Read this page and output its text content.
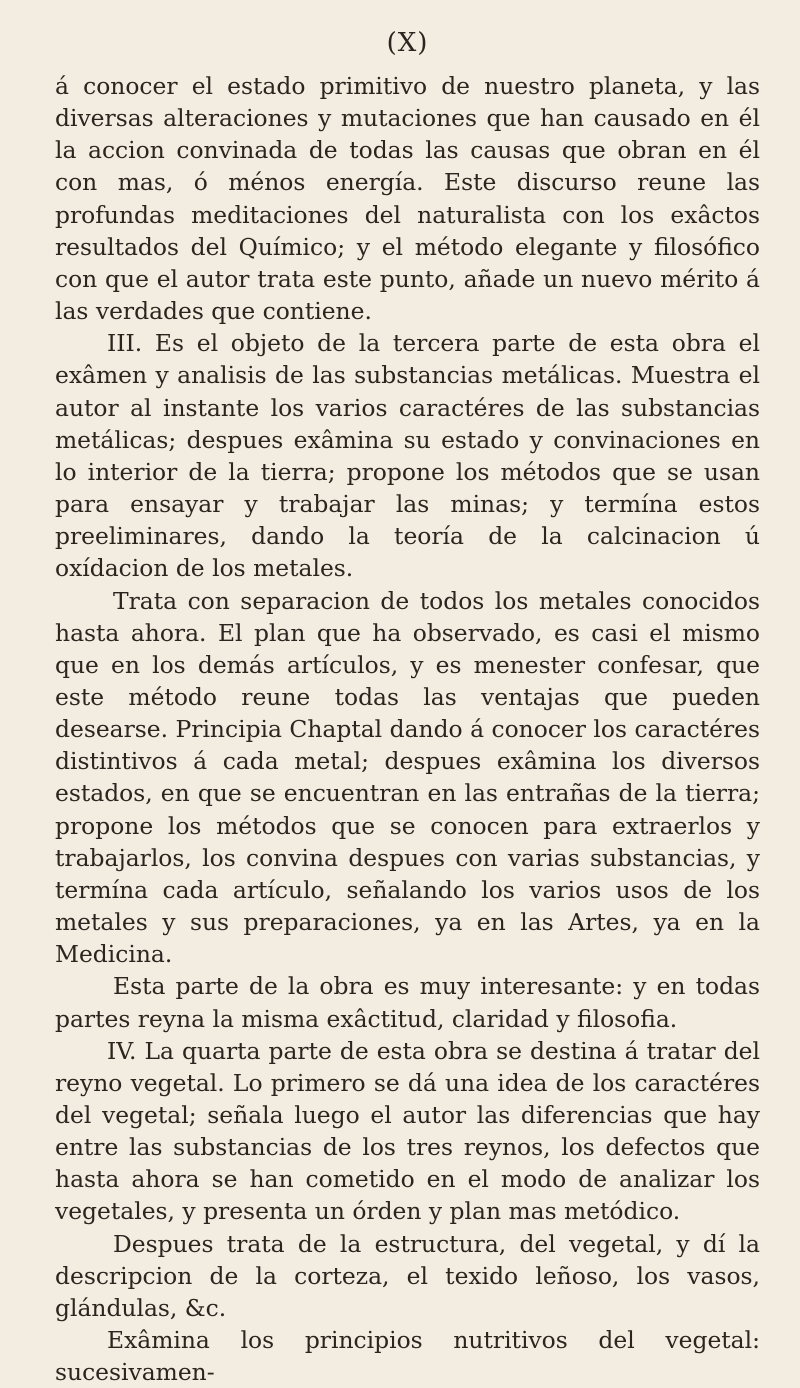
(X)

á conocer el estado primitivo de nuestro planeta, y las diversas alteraciones y mutaciones que han causado en él la accion convinada de todas las causas que obran en él con mas, ó ménos energía. Este discurso reune las profundas meditaciones del naturalista con los exâctos resultados del Químico; y el método elegante y filosófico con que el autor trata este punto, añade un nuevo mérito á las verdades que contiene.

III. Es el objeto de la tercera parte de esta obra el exâmen y analisis de las substancias metálicas. Muestra el autor al instante los varios caractéres de las substancias metálicas; despues exâmina su estado y convinaciones en lo interior de la tierra; propone los métodos que se usan para ensayar y trabajar las minas; y termína estos preeliminares, dando la teoría de la calcinacion ú oxídacion de los metales.

Trata con separacion de todos los metales conocidos hasta ahora. El plan que ha observado, es casi el mismo que en los demás artículos, y es menester confesar, que este método reune todas las ventajas que pueden desearse. Principia Chaptal dando á conocer los caractéres distintivos á cada metal; despues exâmina los diversos estados, en que se encuentran en las entrañas de la tierra; propone los métodos que se conocen para extraerlos y trabajarlos, los convina despues con varias substancias, y termína cada artículo, señalando los varios usos de los metales y sus preparaciones, ya en las Artes, ya en la Medicina.

Esta parte de la obra es muy interesante: y en todas partes reyna la misma exâctitud, claridad y filosofia.

IV. La quarta parte de esta obra se destina á tratar del reyno vegetal. Lo primero se dá una idea de los caractéres del vegetal; señala luego el autor las diferencias que hay entre las substancias de los tres reynos, los defectos que hasta ahora se han cometido en el modo de analizar los vegetales, y presenta un órden y plan mas metódico.

Despues trata de la estructura, del vegetal, y dí la descripcion de la corteza, el texido leñoso, los vasos, glándulas, &c.

Exâmina los principios nutritivos del vegetal: sucesivamen-
